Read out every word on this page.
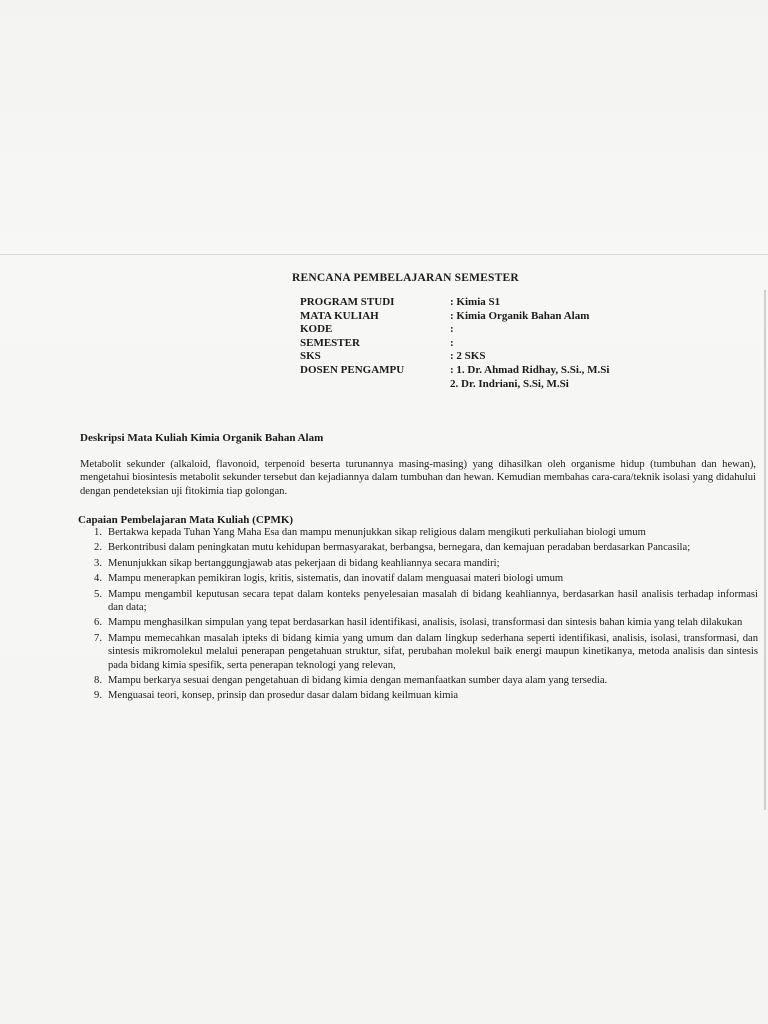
RENCANA PEMBELAJARAN SEMESTER
PROGRAM STUDI	: Kimia S1
MATA KULIAH	: Kimia Organik Bahan Alam
KODE	:
SEMESTER	:
SKS	: 2 SKS
DOSEN PENGAMPU	: 1. Dr. Ahmad Ridhay, S.Si., M.Si
2. Dr. Indriani, S.Si, M.Si
Deskripsi Mata Kuliah Kimia Organik Bahan Alam
Metabolit sekunder (alkaloid, flavonoid, terpenoid beserta turunannya masing-masing) yang dihasilkan oleh organisme hidup (tumbuhan dan hewan), mengetahui biosintesis metabolit sekunder tersebut dan kejadiannya dalam tumbuhan dan hewan. Kemudian membahas cara-cara/teknik isolasi yang didahului dengan pendeteksian uji fitokimia tiap golongan.
Capaian Pembelajaran Mata Kuliah (CPMK)
1. Bertakwa kepada Tuhan Yang Maha Esa dan mampu menunjukkan sikap religious dalam mengikuti perkuliahan biologi umum
2. Berkontribusi dalam peningkatan mutu kehidupan bermasyarakat, berbangsa, bernegara, dan kemajuan peradaban berdasarkan Pancasila;
3. Menunjukkan sikap bertanggungjawab atas pekerjaan di bidang keahliannya secara mandiri;
4. Mampu menerapkan pemikiran logis, kritis, sistematis, dan inovatif dalam menguasai materi biologi umum
5. Mampu mengambil keputusan secara tepat dalam konteks penyelesaian masalah di bidang keahliannya, berdasarkan hasil analisis terhadap informasi dan data;
6. Mampu menghasilkan simpulan yang tepat berdasarkan hasil identifikasi, analisis, isolasi, transformasi dan sintesis bahan kimia yang telah dilakukan
7. Mampu memecahkan masalah ipteks di bidang kimia yang umum dan dalam lingkup sederhana seperti identifikasi, analisis, isolasi, transformasi, dan sintesis mikromolekul melalui penerapan pengetahuan struktur, sifat, perubahan molekul baik energi maupun kinetikanya, metoda analisis dan sintesis pada bidang kimia spesifik, serta penerapan teknologi yang relevan,
8. Mampu berkarya sesuai dengan pengetahuan di bidang kimia dengan memanfaatkan sumber daya alam yang tersedia.
9. Menguasai teori, konsep, prinsip dan prosedur dasar dalam bidang keilmuan kimia
